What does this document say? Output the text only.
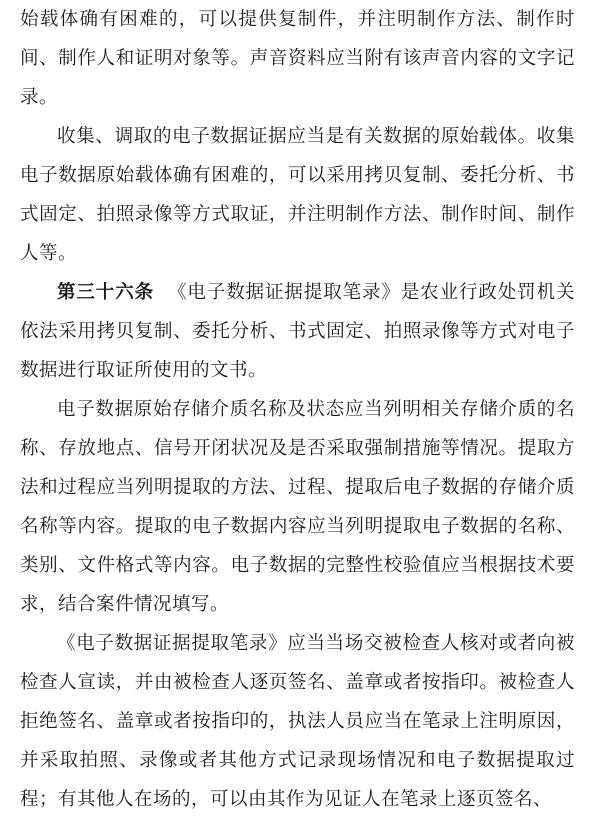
始载体确有困难的，可以提供复制件，并注明制作方法、制作时间、制作人和证明对象等。声音资料应当附有该声音内容的文字记录。

收集、调取的电子数据证据应当是有关数据的原始载体。收集电子数据原始载体确有困难的，可以采用拷贝复制、委托分析、书式固定、拍照录像等方式取证，并注明制作方法、制作时间、制作人等。

第三十六条 《电子数据证据提取笔录》是农业行政处罚机关依法采用拷贝复制、委托分析、书式固定、拍照录像等方式对电子数据进行取证所使用的文书。

电子数据原始存储介质名称及状态应当列明相关存储介质的名称、存放地点、信号开闭状况及是否采取强制措施等情况。提取方法和过程应当列明提取的方法、过程、提取后电子数据的存储介质名称等内容。提取的电子数据内容应当列明提取电子数据的名称、类别、文件格式等内容。电子数据的完整性校验值应当根据技术要求，结合案件情况填写。

《电子数据证据提取笔录》应当当场交被检查人核对或者向被检查人宣读，并由被检查人逐页签名、盖章或者按指印。被检查人拒绝签名、盖章或者按指印的，执法人员应当在笔录上注明原因，并采取拍照、录像或者其他方式记录现场情况和电子数据提取过程；有其他人在场的，可以由其作为见证人在笔录上逐页签名、
